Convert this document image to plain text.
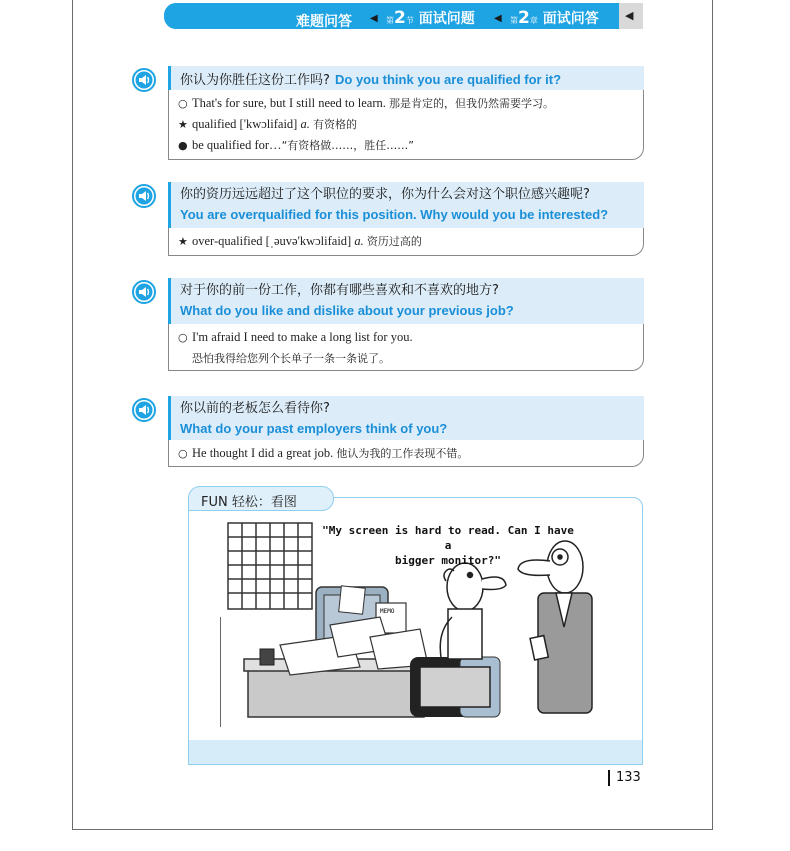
难题问答 ◀ 第2节 面试问题 ◀ 第2章 面试问答 ◀
你认为你胜任这份工作吗? Do you think you are qualified for it?
○ That's for sure, but I still need to learn. 那是肯定的，但我仍然需要学习。
★ qualified ['kwɔlifaid] a. 有资格的
● be qualified for…“有资格做……，胜任……”
你的资历远远超过了这个职位的要求，你为什么会对这个职位感兴趣呢?
You are overqualified for this position. Why would you be interested?
★ over-qualified [ˌəuvə'kwɔlifaid] a. 资历过高的
对于你的前一份工作，你都有哪些喜欢和不喜欢的地方?
What do you like and dislike about your previous job?
○ I'm afraid I need to make a long list for you.
恐怕我得给您列个长单子一条一条说了。
你以前的老板怎么看待你?
What do your past employers think of you?
○ He thought I did a great job. 他认为我的工作表现不错。
FUN 轻松：看图
MEMO
"My screen is hard to read. Can I have a
bigger monitor?"
133
